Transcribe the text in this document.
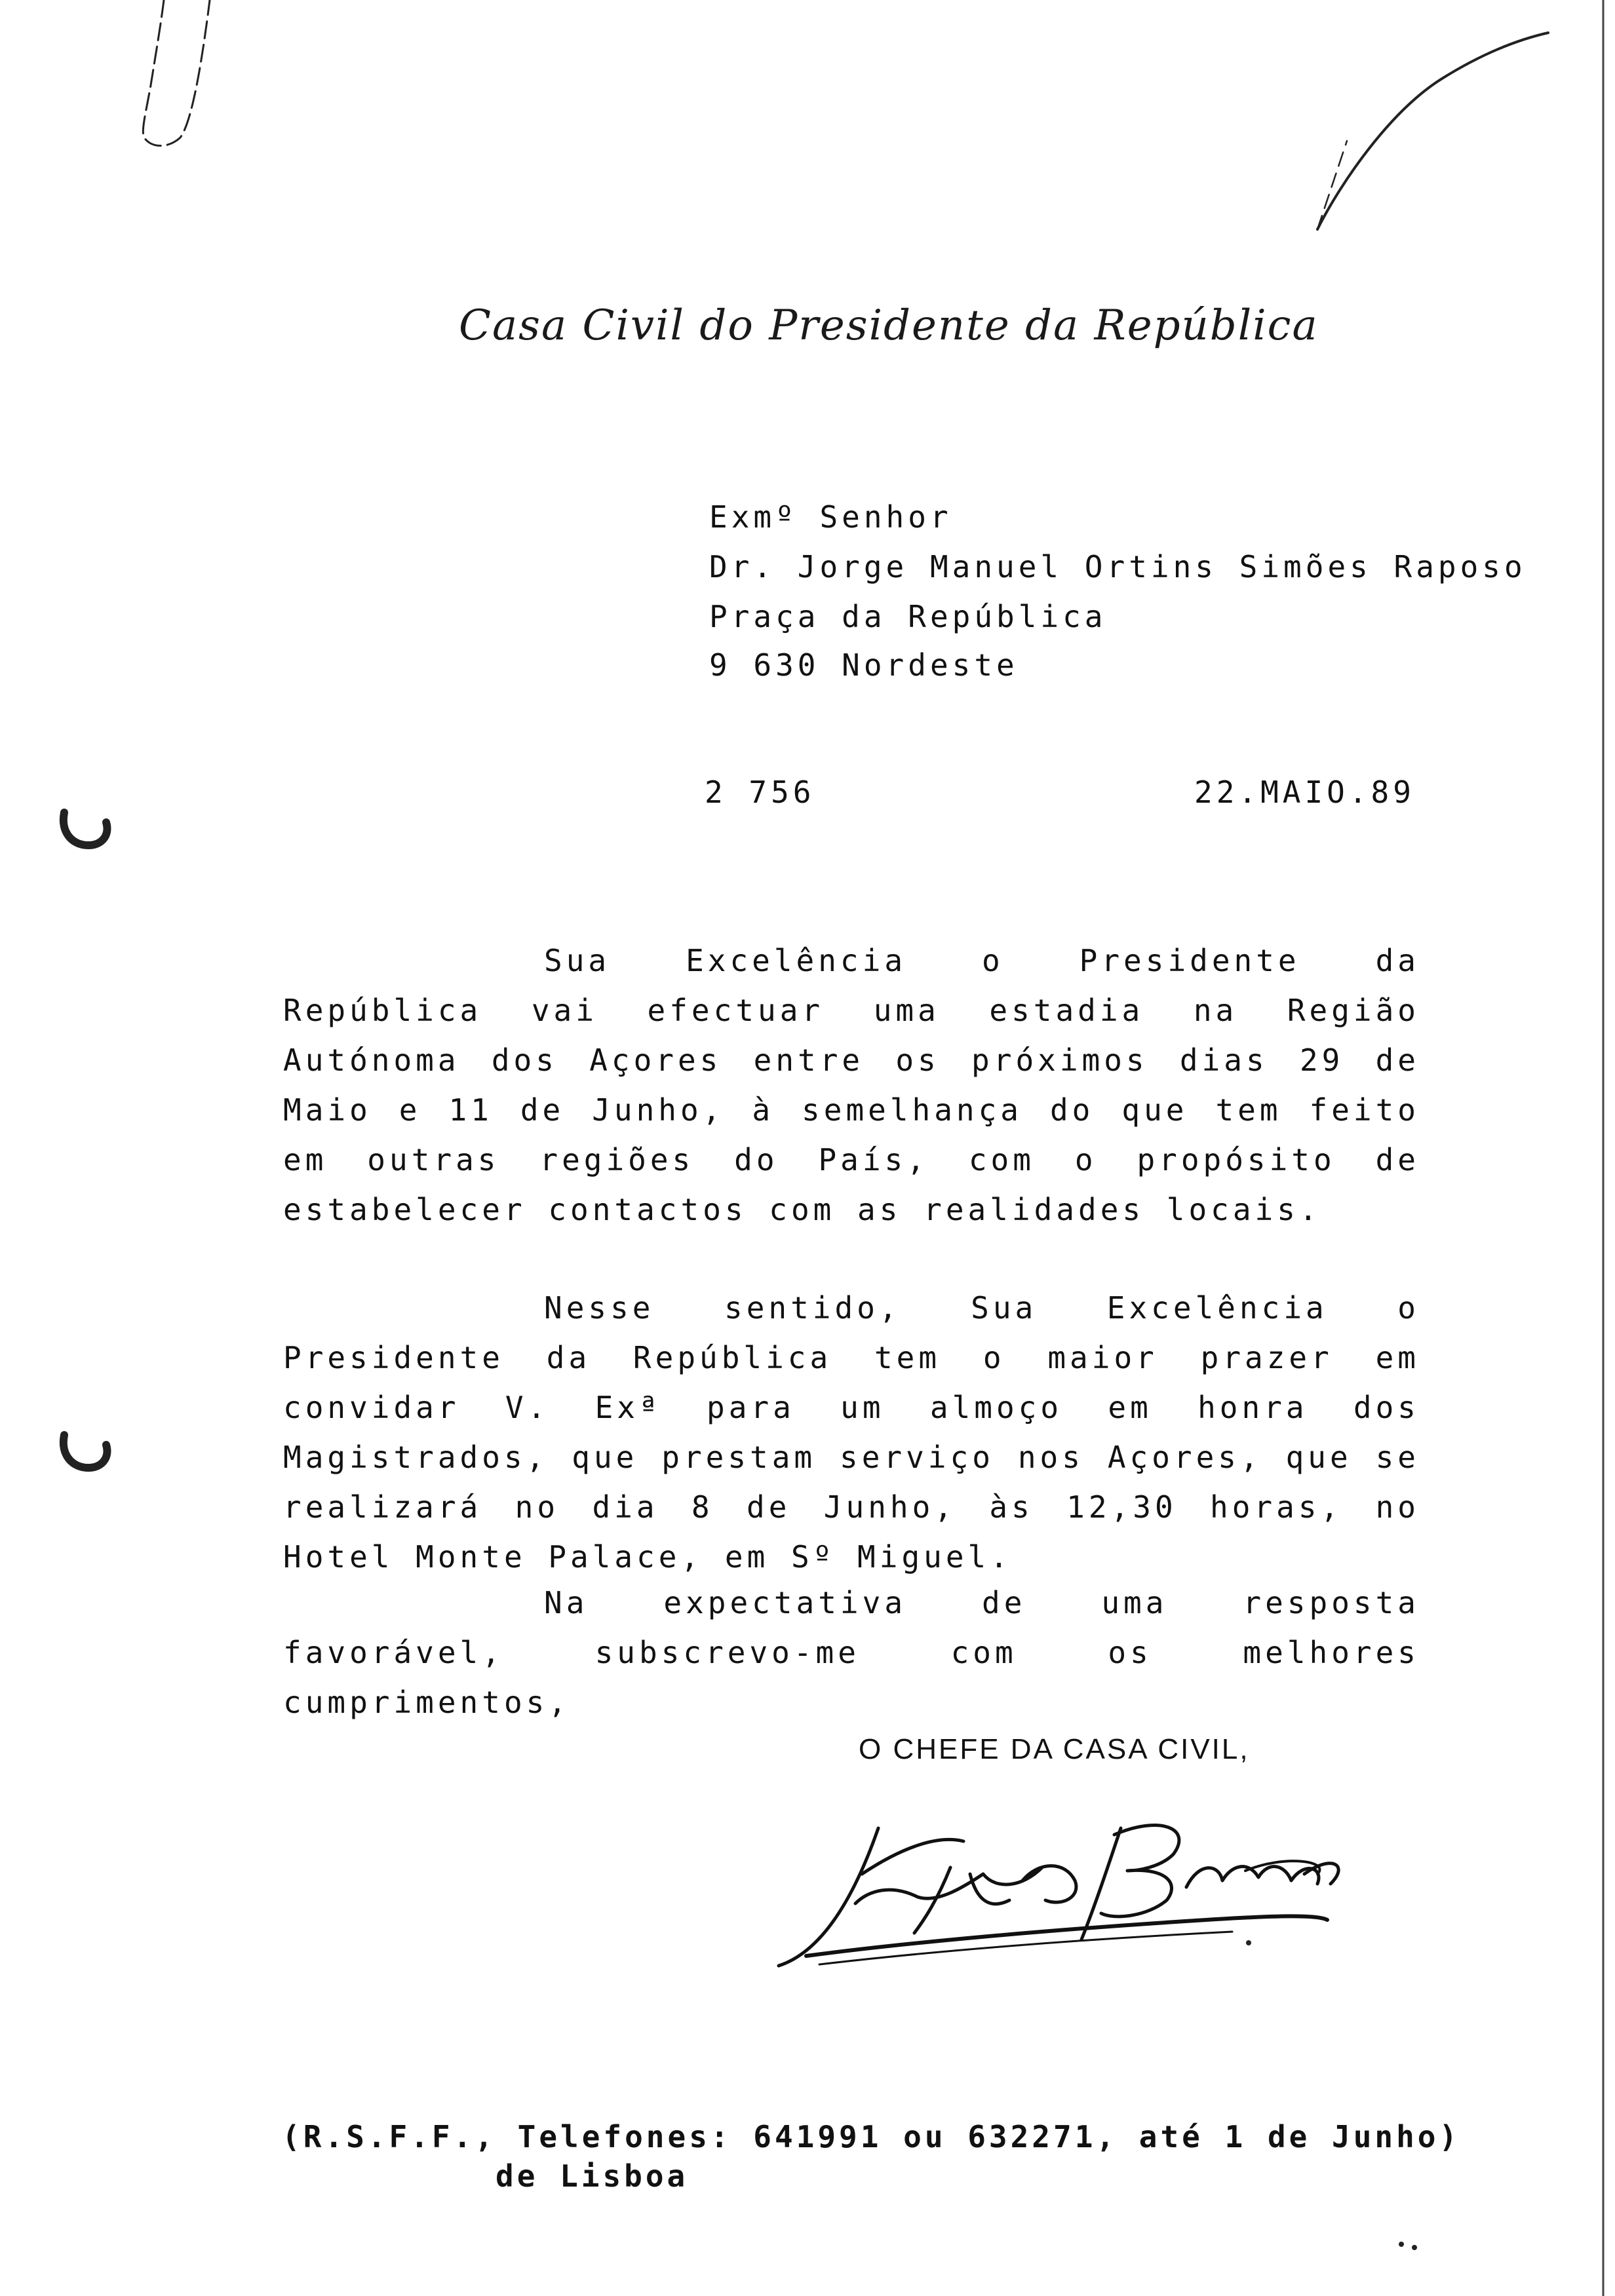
Casa Civil do Presidente da República
Exmº Senhor
Dr. Jorge Manuel Ortins Simões Raposo
Praça da República
9 630 Nordeste
2 756	22.MAIO.89

Sua Excelência o Presidente da República vai efectuar uma estadia na Região Autónoma dos Açores entre os próximos dias 29 de Maio e 11 de Junho, à semelhança do que tem feito em outras regiões do País, com o propósito de estabelecer contactos com as realidades locais.

Nesse sentido, Sua Excelência o Presidente da República tem o maior prazer em convidar V. Exª para um almoço em honra dos Magistrados, que prestam serviço nos Açores, que se realizará no dia 8 de Junho, às 12,30 horas, no Hotel Monte Palace, em Sº Miguel.

Na expectativa de uma resposta favorável, subscrevo-me com os melhores cumprimentos,

O CHEFE DA CASA CIVIL,
(R.S.F.F., Telefones: 641991 ou 632271, até 1 de Junho)
de Lisboa
